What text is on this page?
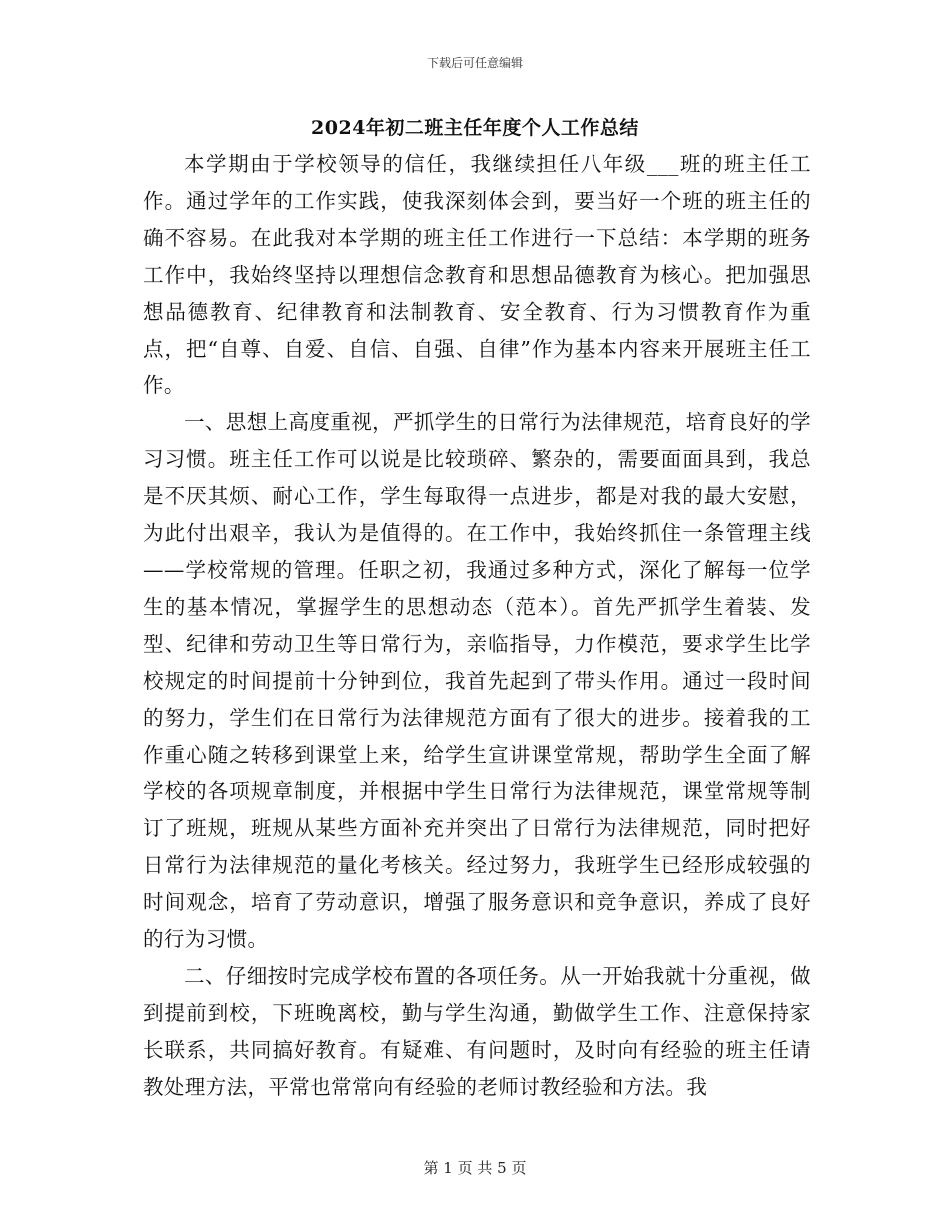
下载后可任意编辑
2024年初二班主任年度个人工作总结

本学期由于学校领导的信任，我继续担任八年级___班的班主任工作。通过学年的工作实践，使我深刻体会到，要当好一个班的班主任的确不容易。在此我对本学期的班主任工作进行一下总结：本学期的班务工作中，我始终坚持以理想信念教育和思想品德教育为核心。把加强思想品德教育、纪律教育和法制教育、安全教育、行为习惯教育作为重点，把“自尊、自爱、自信、自强、自律”作为基本内容来开展班主任工作。

一、思想上高度重视，严抓学生的日常行为法律规范，培育良好的学习习惯。班主任工作可以说是比较琐碎、繁杂的，需要面面具到，我总是不厌其烦、耐心工作，学生每取得一点进步，都是对我的最大安慰，为此付出艰辛，我认为是值得的。在工作中，我始终抓住一条管理主线——学校常规的管理。任职之初，我通过多种方式，深化了解每一位学生的基本情况，掌握学生的思想动态（范本）。首先严抓学生着装、发型、纪律和劳动卫生等日常行为，亲临指导，力作模范，要求学生比学校规定的时间提前十分钟到位，我首先起到了带头作用。通过一段时间的努力，学生们在日常行为法律规范方面有了很大的进步。接着我的工作重心随之转移到课堂上来，给学生宣讲课堂常规，帮助学生全面了解学校的各项规章制度，并根据中学生日常行为法律规范，课堂常规等制订了班规，班规从某些方面补充并突出了日常行为法律规范，同时把好日常行为法律规范的量化考核关。经过努力，我班学生已经形成较强的时间观念，培育了劳动意识，增强了服务意识和竞争意识，养成了良好的行为习惯。

二、仔细按时完成学校布置的各项任务。从一开始我就十分重视，做到提前到校，下班晚离校，勤与学生沟通，勤做学生工作、注意保持家长联系，共同搞好教育。有疑难、有问题时，及时向有经验的班主任请教处理方法，平常也常常向有经验的老师讨教经验和方法。我

第 1 页 共 5 页
